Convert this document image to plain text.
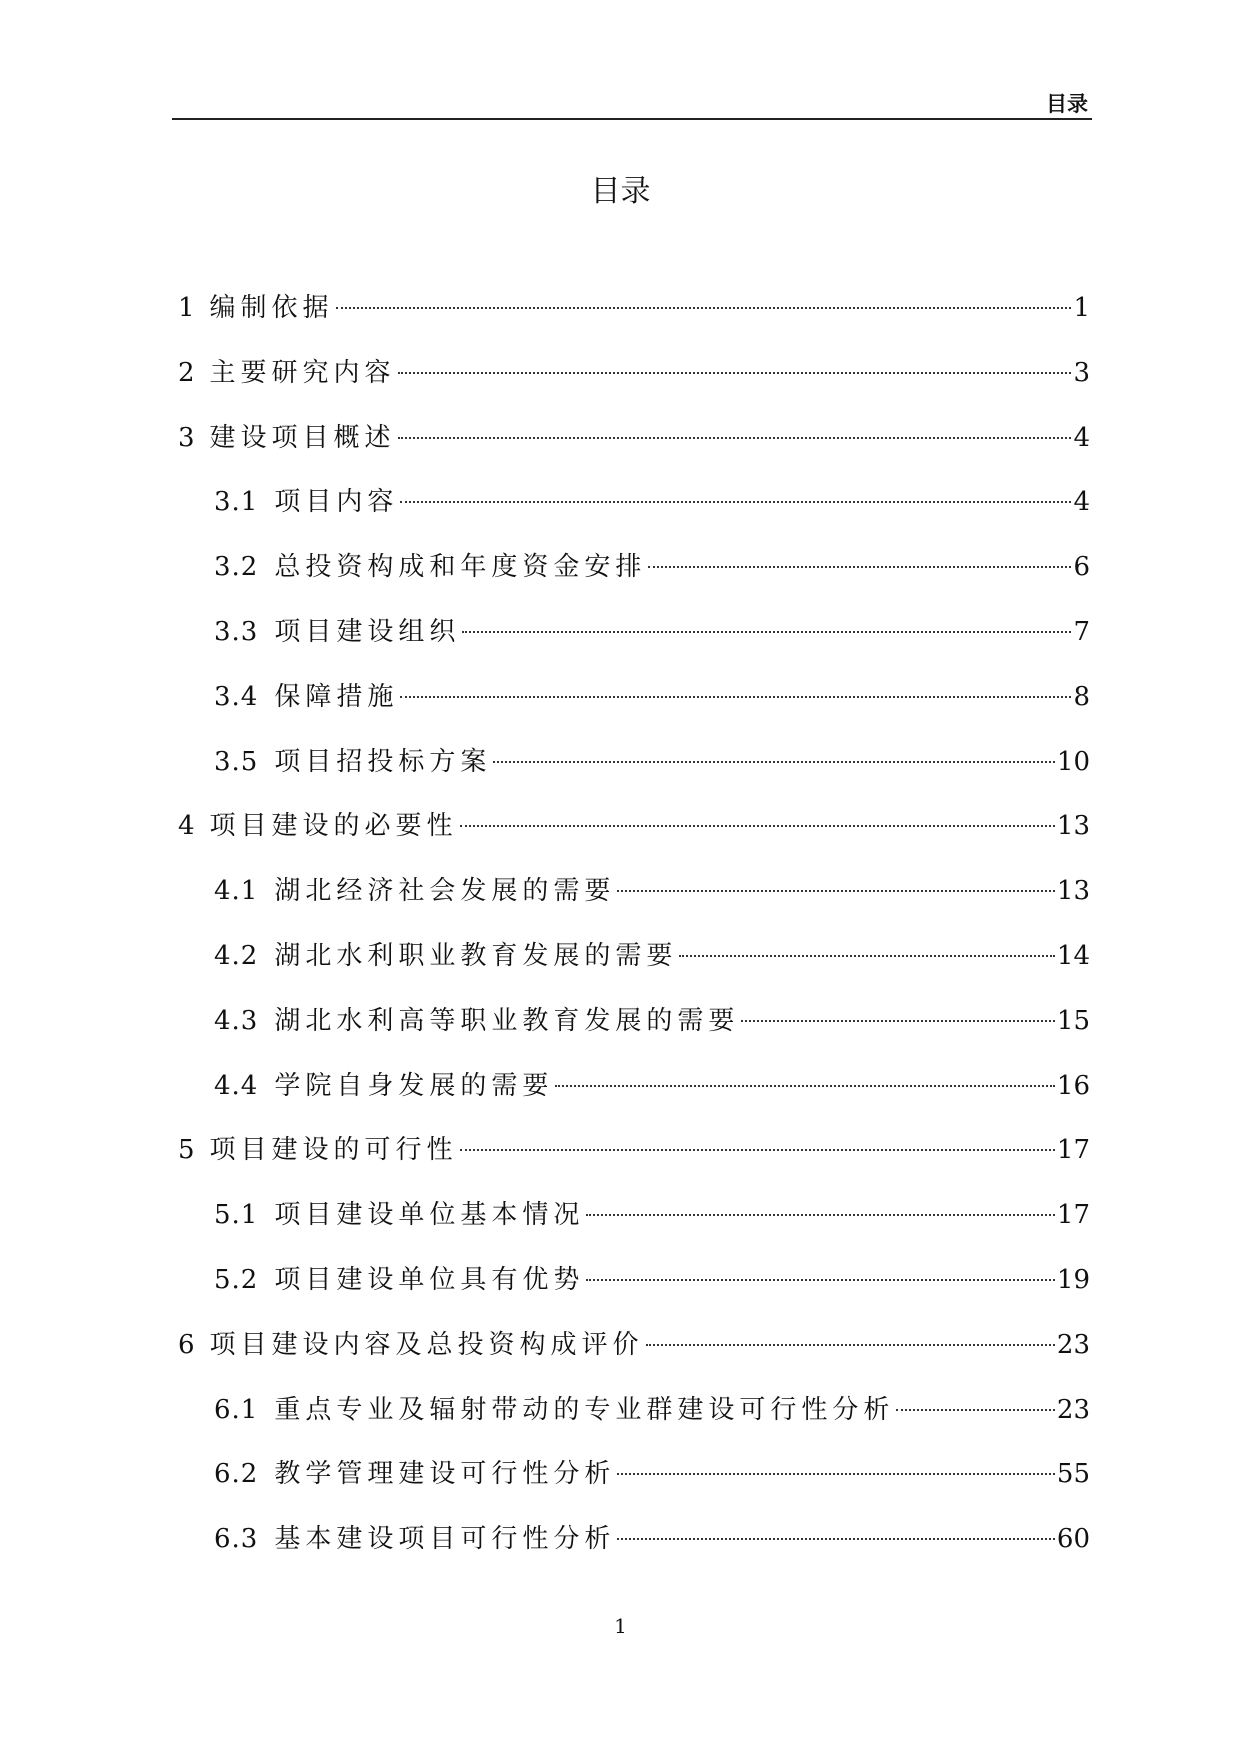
目录
目录
1 编制依据	1
2 主要研究内容	3
3 建设项目概述	4
3.1 项目内容	4
3.2 总投资构成和年度资金安排	6
3.3 项目建设组织	7
3.4 保障措施	8
3.5 项目招投标方案	10
4 项目建设的必要性	13
4.1 湖北经济社会发展的需要	13
4.2 湖北水利职业教育发展的需要	14
4.3 湖北水利高等职业教育发展的需要	15
4.4 学院自身发展的需要	16
5 项目建设的可行性	17
5.1 项目建设单位基本情况	17
5.2 项目建设单位具有优势	19
6 项目建设内容及总投资构成评价	23
6.1 重点专业及辐射带动的专业群建设可行性分析	23
6.2 教学管理建设可行性分析	55
6.3 基本建设项目可行性分析	60
1
